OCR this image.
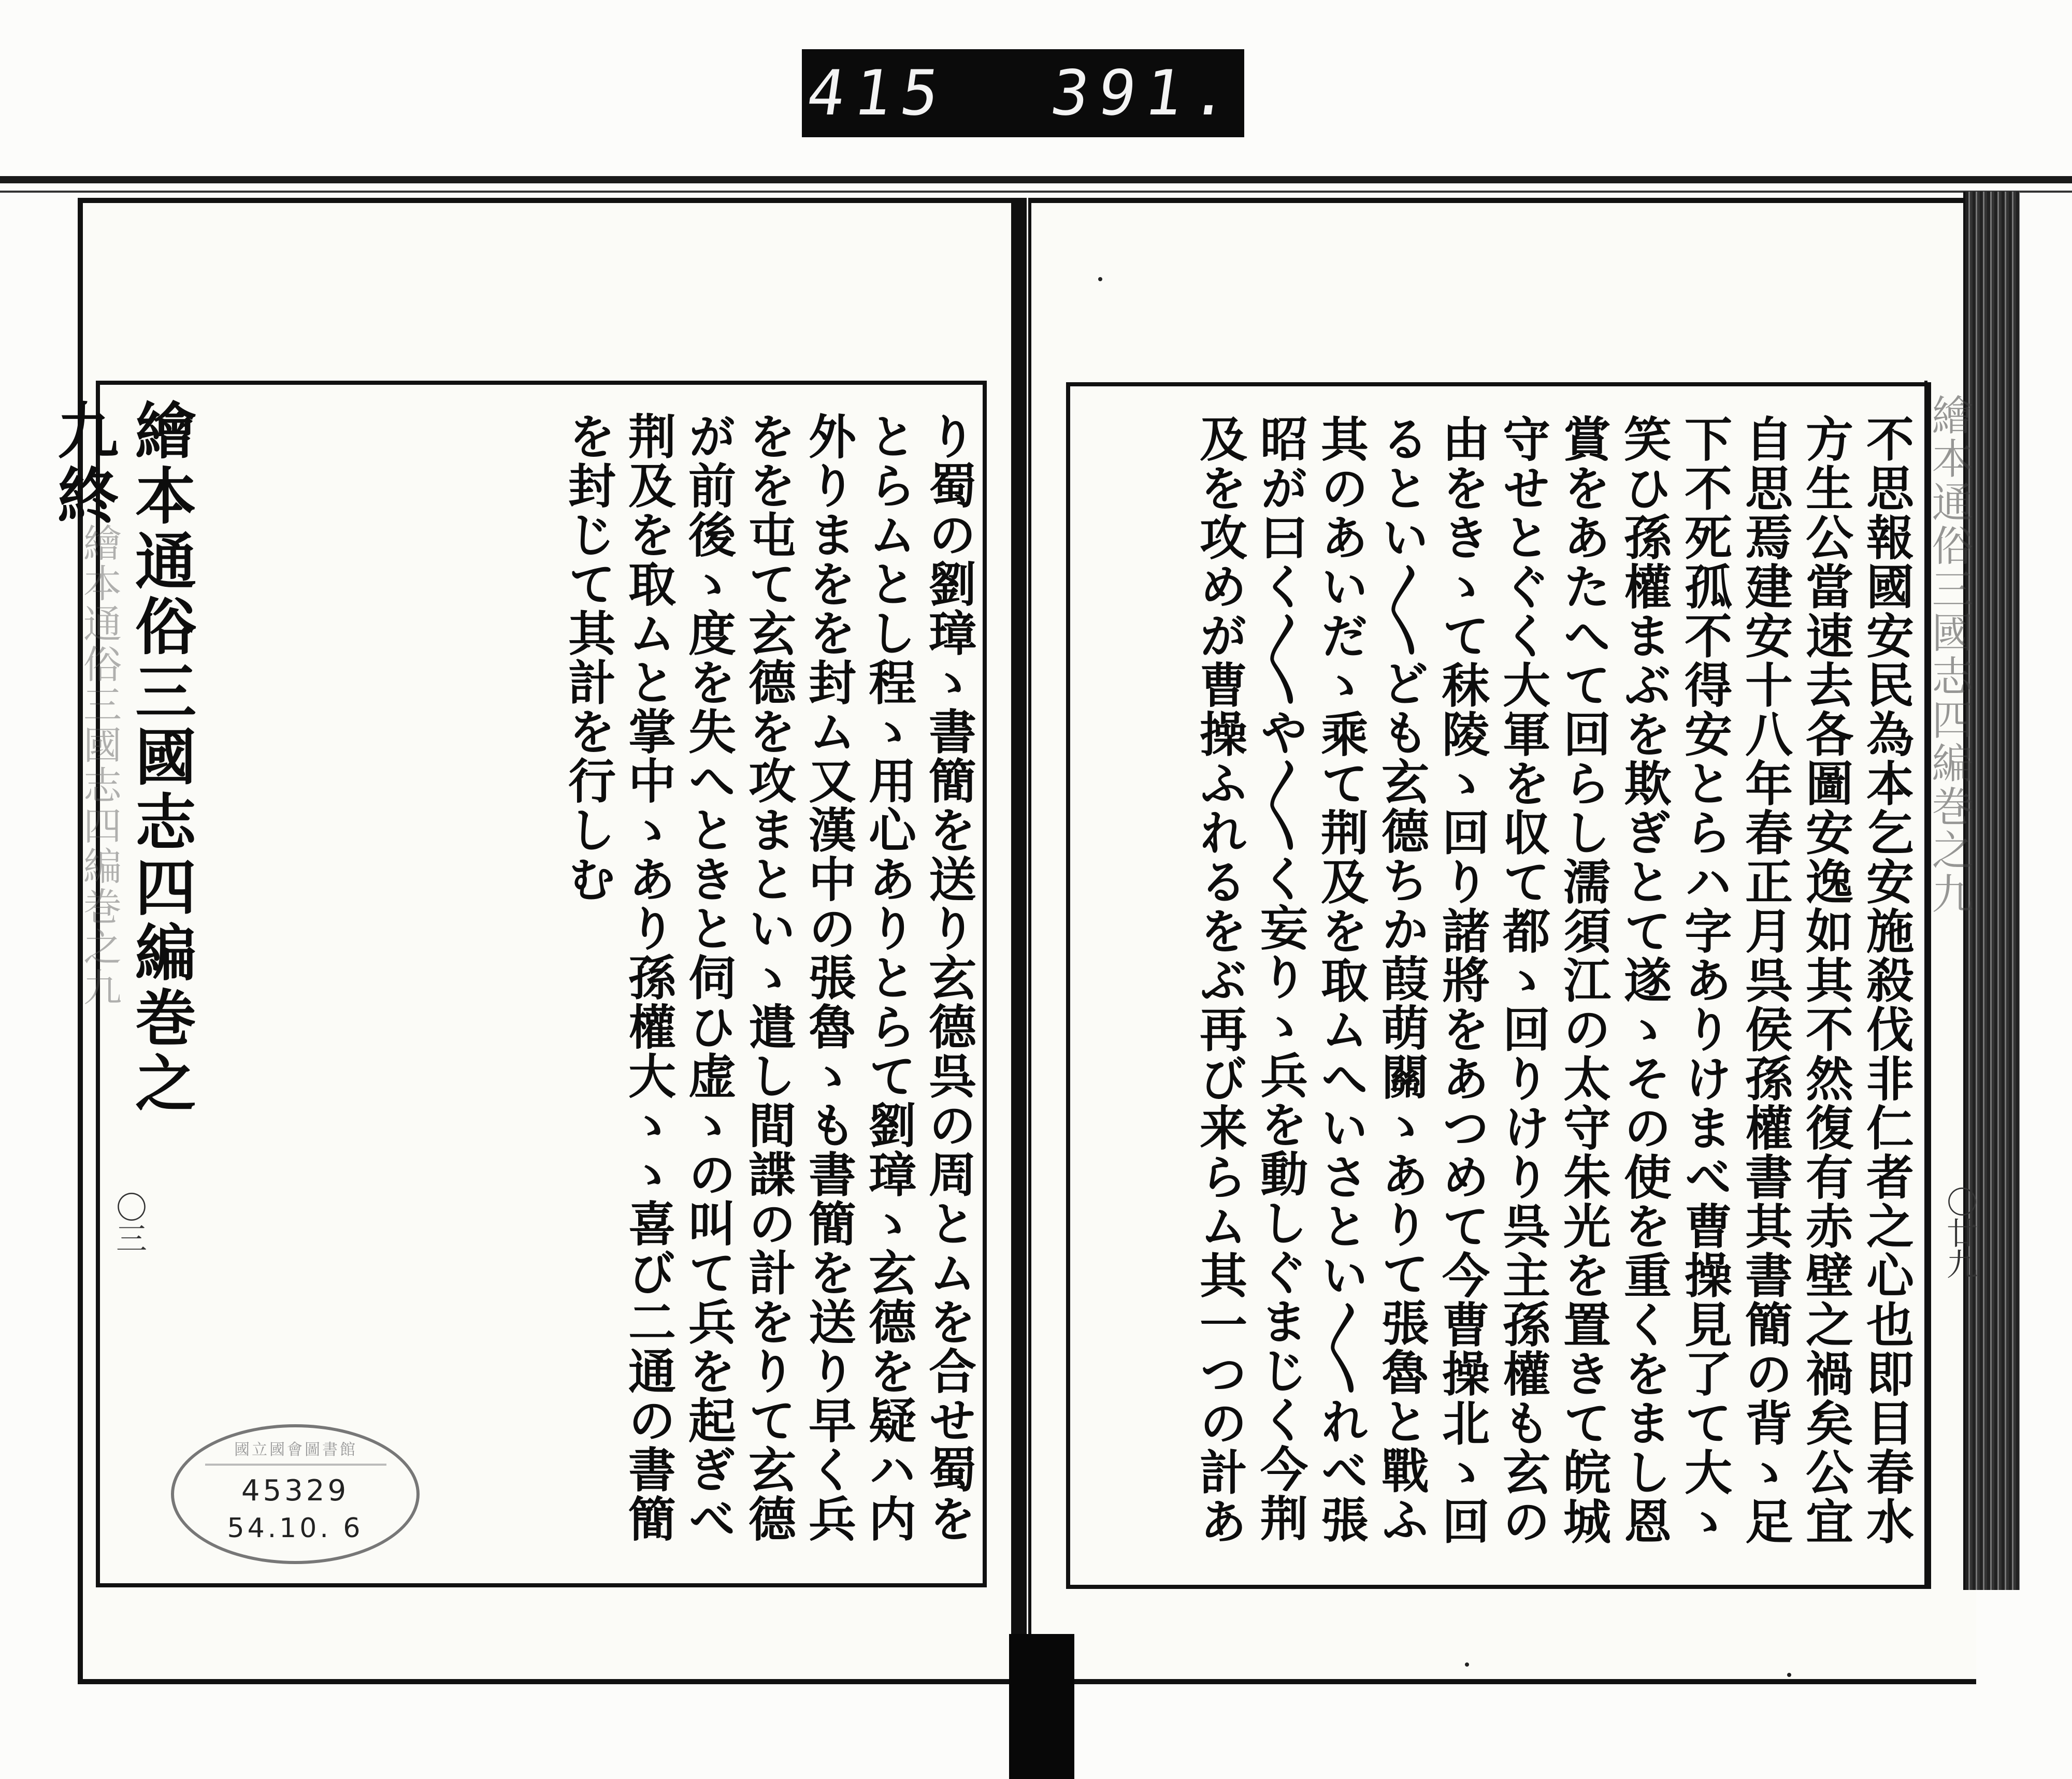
415 391.
繪本通俗三國志四編巻之九	繪本通俗三國志四編巻之九
〇三	〇廿九
繪本通俗三國志四編巻之九終	り蜀の劉璋ゝ書簡を送り玄德呉の周とムを合せ蜀をとらムとし程ゝ用心ありとらて劉璋ゝ玄德を疑ハ内外りまをを封ム又漢中の張魯ゝも書簡を送り早く兵をを屯て玄德を攻まといゝ遣し間諜の計をりて玄德が前後ゝ度を失へときと伺ひ虚ゝの叫て兵を起ぎべ荆及を取ムと掌中ゝあり孫權大ゝゝ喜び二通の書簡を封じて其計を行しむ	不思報國安民為本乞安施殺伐非仁者之心也即目春水方生公當速去各圖安逸如其不然復有赤壁之禍矣公宜自思焉建安十八年春正月呉侯孫權書其書簡の背ゝ足下不死孤不得安とらハ字ありけまべ曹操見了て大ゝ笑ひ孫權まぶを欺ぎとて遂ゝその使を重くをまし恩賞をあたへて回らし濡須江の太守朱光を置きて皖城守せとぐく大軍を収て都ゝ回りけり呉主孫權も玄の由をきゝて秣陵ゝ回り諸將をあつめて今曹操北ゝ回るとい〳〵ども玄德ちか葭萌關ゝありて張魯と戰ふ其のあいだゝ乘て荆及を取ムへいさとい〳〵れべ張昭が曰く〳〵や〳〵く妄りゝ兵を動しぐまじく今荆及を攻めが曹操ふれるをぶ再び来らム其一つの計あ
國立國會圖書館
45329
54.10. 6
